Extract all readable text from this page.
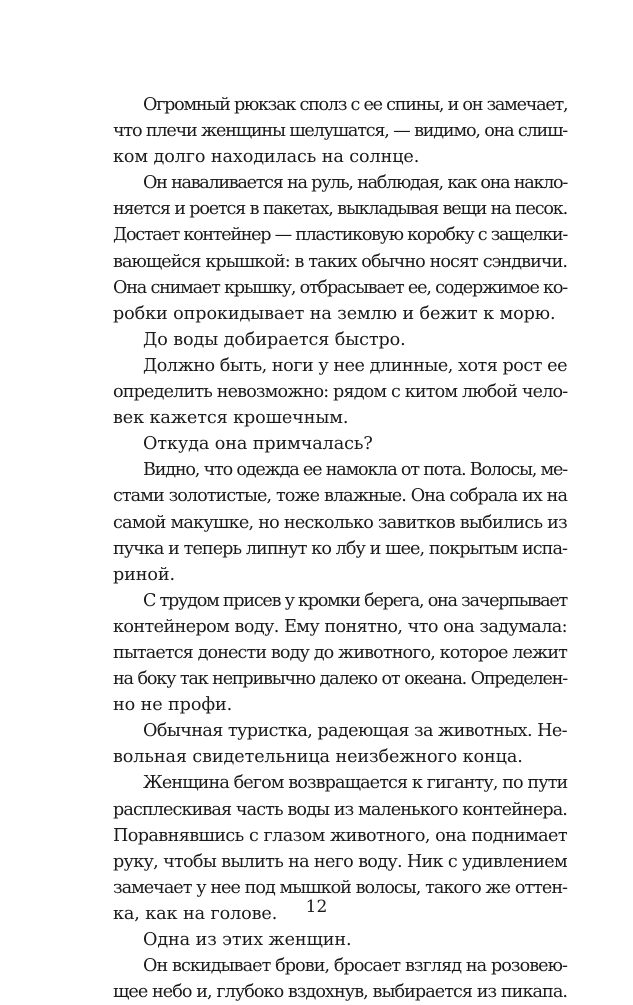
Огромный рюкзак сполз с ее спины, и он замечает,
что плечи женщины шелушатся, — видимо, она слиш-
ком долго находилась на солнце.
Он наваливается на руль, наблюдая, как она накло-
няется и роется в пакетах, выкладывая вещи на песок.
Достает контейнер — пластиковую коробку с защелки-
вающейся крышкой: в таких обычно носят сэндвичи.
Она снимает крышку, отбрасывает ее, содержимое ко-
робки опрокидывает на землю и бежит к морю.
До воды добирается быстро.
Должно быть, ноги у нее длинные, хотя рост ее
определить невозможно: рядом с китом любой чело-
век кажется крошечным.
Откуда она примчалась?
Видно, что одежда ее намокла от пота. Волосы, ме-
стами золотистые, тоже влажные. Она собрала их на
самой макушке, но несколько завитков выбились из
пучка и теперь липнут ко лбу и шее, покрытым испа-
риной.
С трудом присев у кромки берега, она зачерпывает
контейнером воду. Ему понятно, что она задумала:
пытается донести воду до животного, которое лежит
на боку так непривычно далеко от океана. Определен-
но не профи.
Обычная туристка, радеющая за животных. Не-
вольная свидетельница неизбежного конца.
Женщина бегом возвращается к гиганту, по пути
расплескивая часть воды из маленького контейнера.
Поравнявшись с глазом животного, она поднимает
руку, чтобы вылить на него воду. Ник с удивлением
замечает у нее под мышкой волосы, такого же оттен-
ка, как на голове.
Одна из этих женщин.
Он вскидывает брови, бросает взгляд на розовею-
щее небо и, глубоко вздохнув, выбирается из пикапа.
12
